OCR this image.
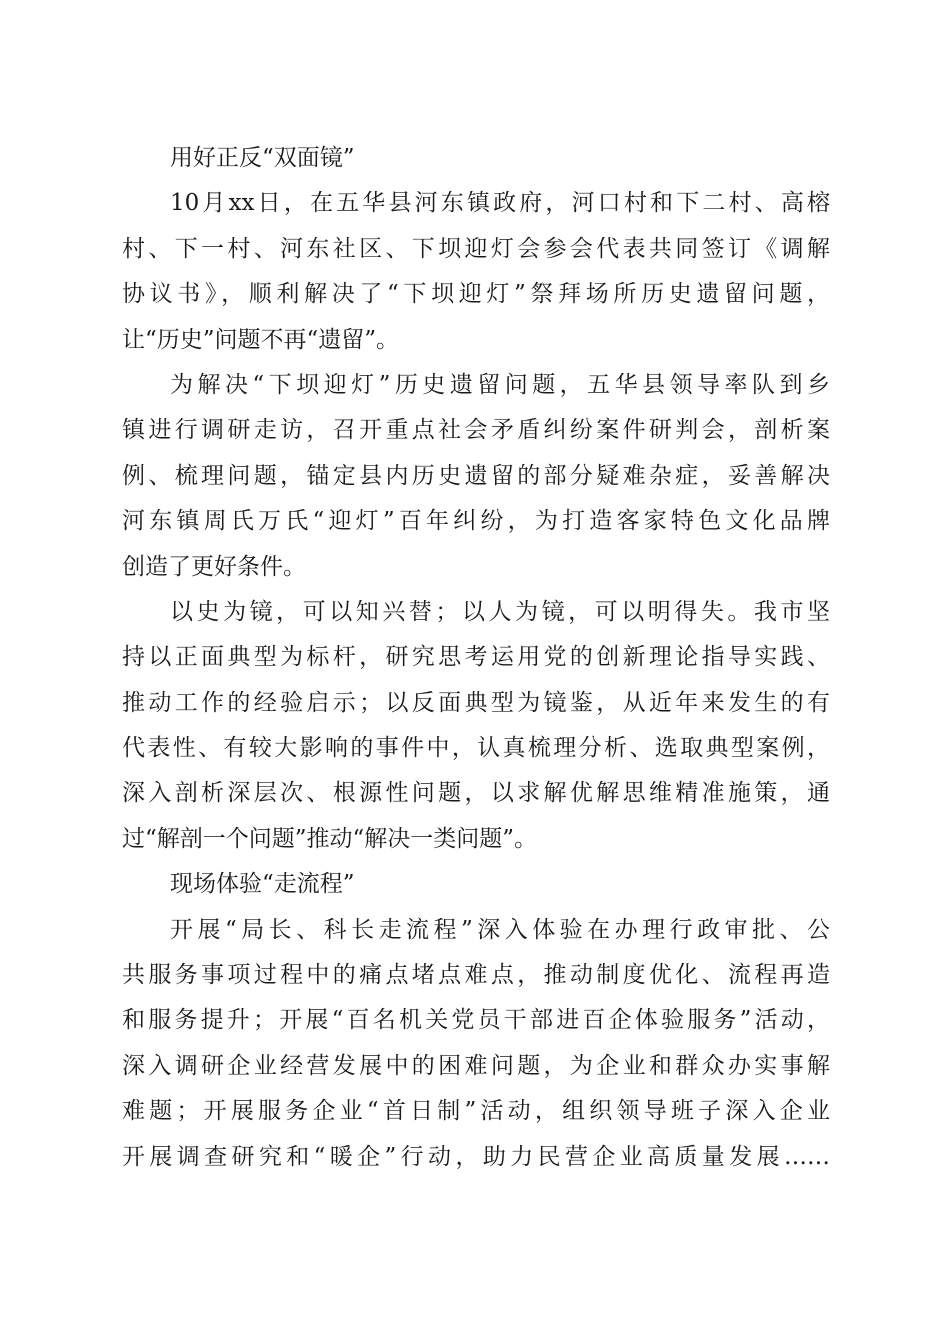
用好正反“双面镜”
10月xx日，在五华县河东镇政府，河口村和下二村、高榕
村、下一村、河东社区、下坝迎灯会参会代表共同签订《调解
协议书》，顺利解决了“下坝迎灯”祭拜场所历史遗留问题，
让“历史”问题不再“遗留”。
为解决“下坝迎灯”历史遗留问题，五华县领导率队到乡
镇进行调研走访，召开重点社会矛盾纠纷案件研判会，剖析案
例、梳理问题，锚定县内历史遗留的部分疑难杂症，妥善解决
河东镇周氏万氏“迎灯”百年纠纷，为打造客家特色文化品牌
创造了更好条件。
以史为镜，可以知兴替；以人为镜，可以明得失。我市坚
持以正面典型为标杆，研究思考运用党的创新理论指导实践、
推动工作的经验启示；以反面典型为镜鉴，从近年来发生的有
代表性、有较大影响的事件中，认真梳理分析、选取典型案例，
深入剖析深层次、根源性问题，以求解优解思维精准施策，通
过“解剖一个问题”推动“解决一类问题”。
现场体验“走流程”
开展“局长、科长走流程”深入体验在办理行政审批、公
共服务事项过程中的痛点堵点难点，推动制度优化、流程再造
和服务提升；开展“百名机关党员干部进百企体验服务”活动，
深入调研企业经营发展中的困难问题，为企业和群众办实事解
难题；开展服务企业“首日制”活动，组织领导班子深入企业
开展调查研究和“暖企”行动，助力民营企业高质量发展……
